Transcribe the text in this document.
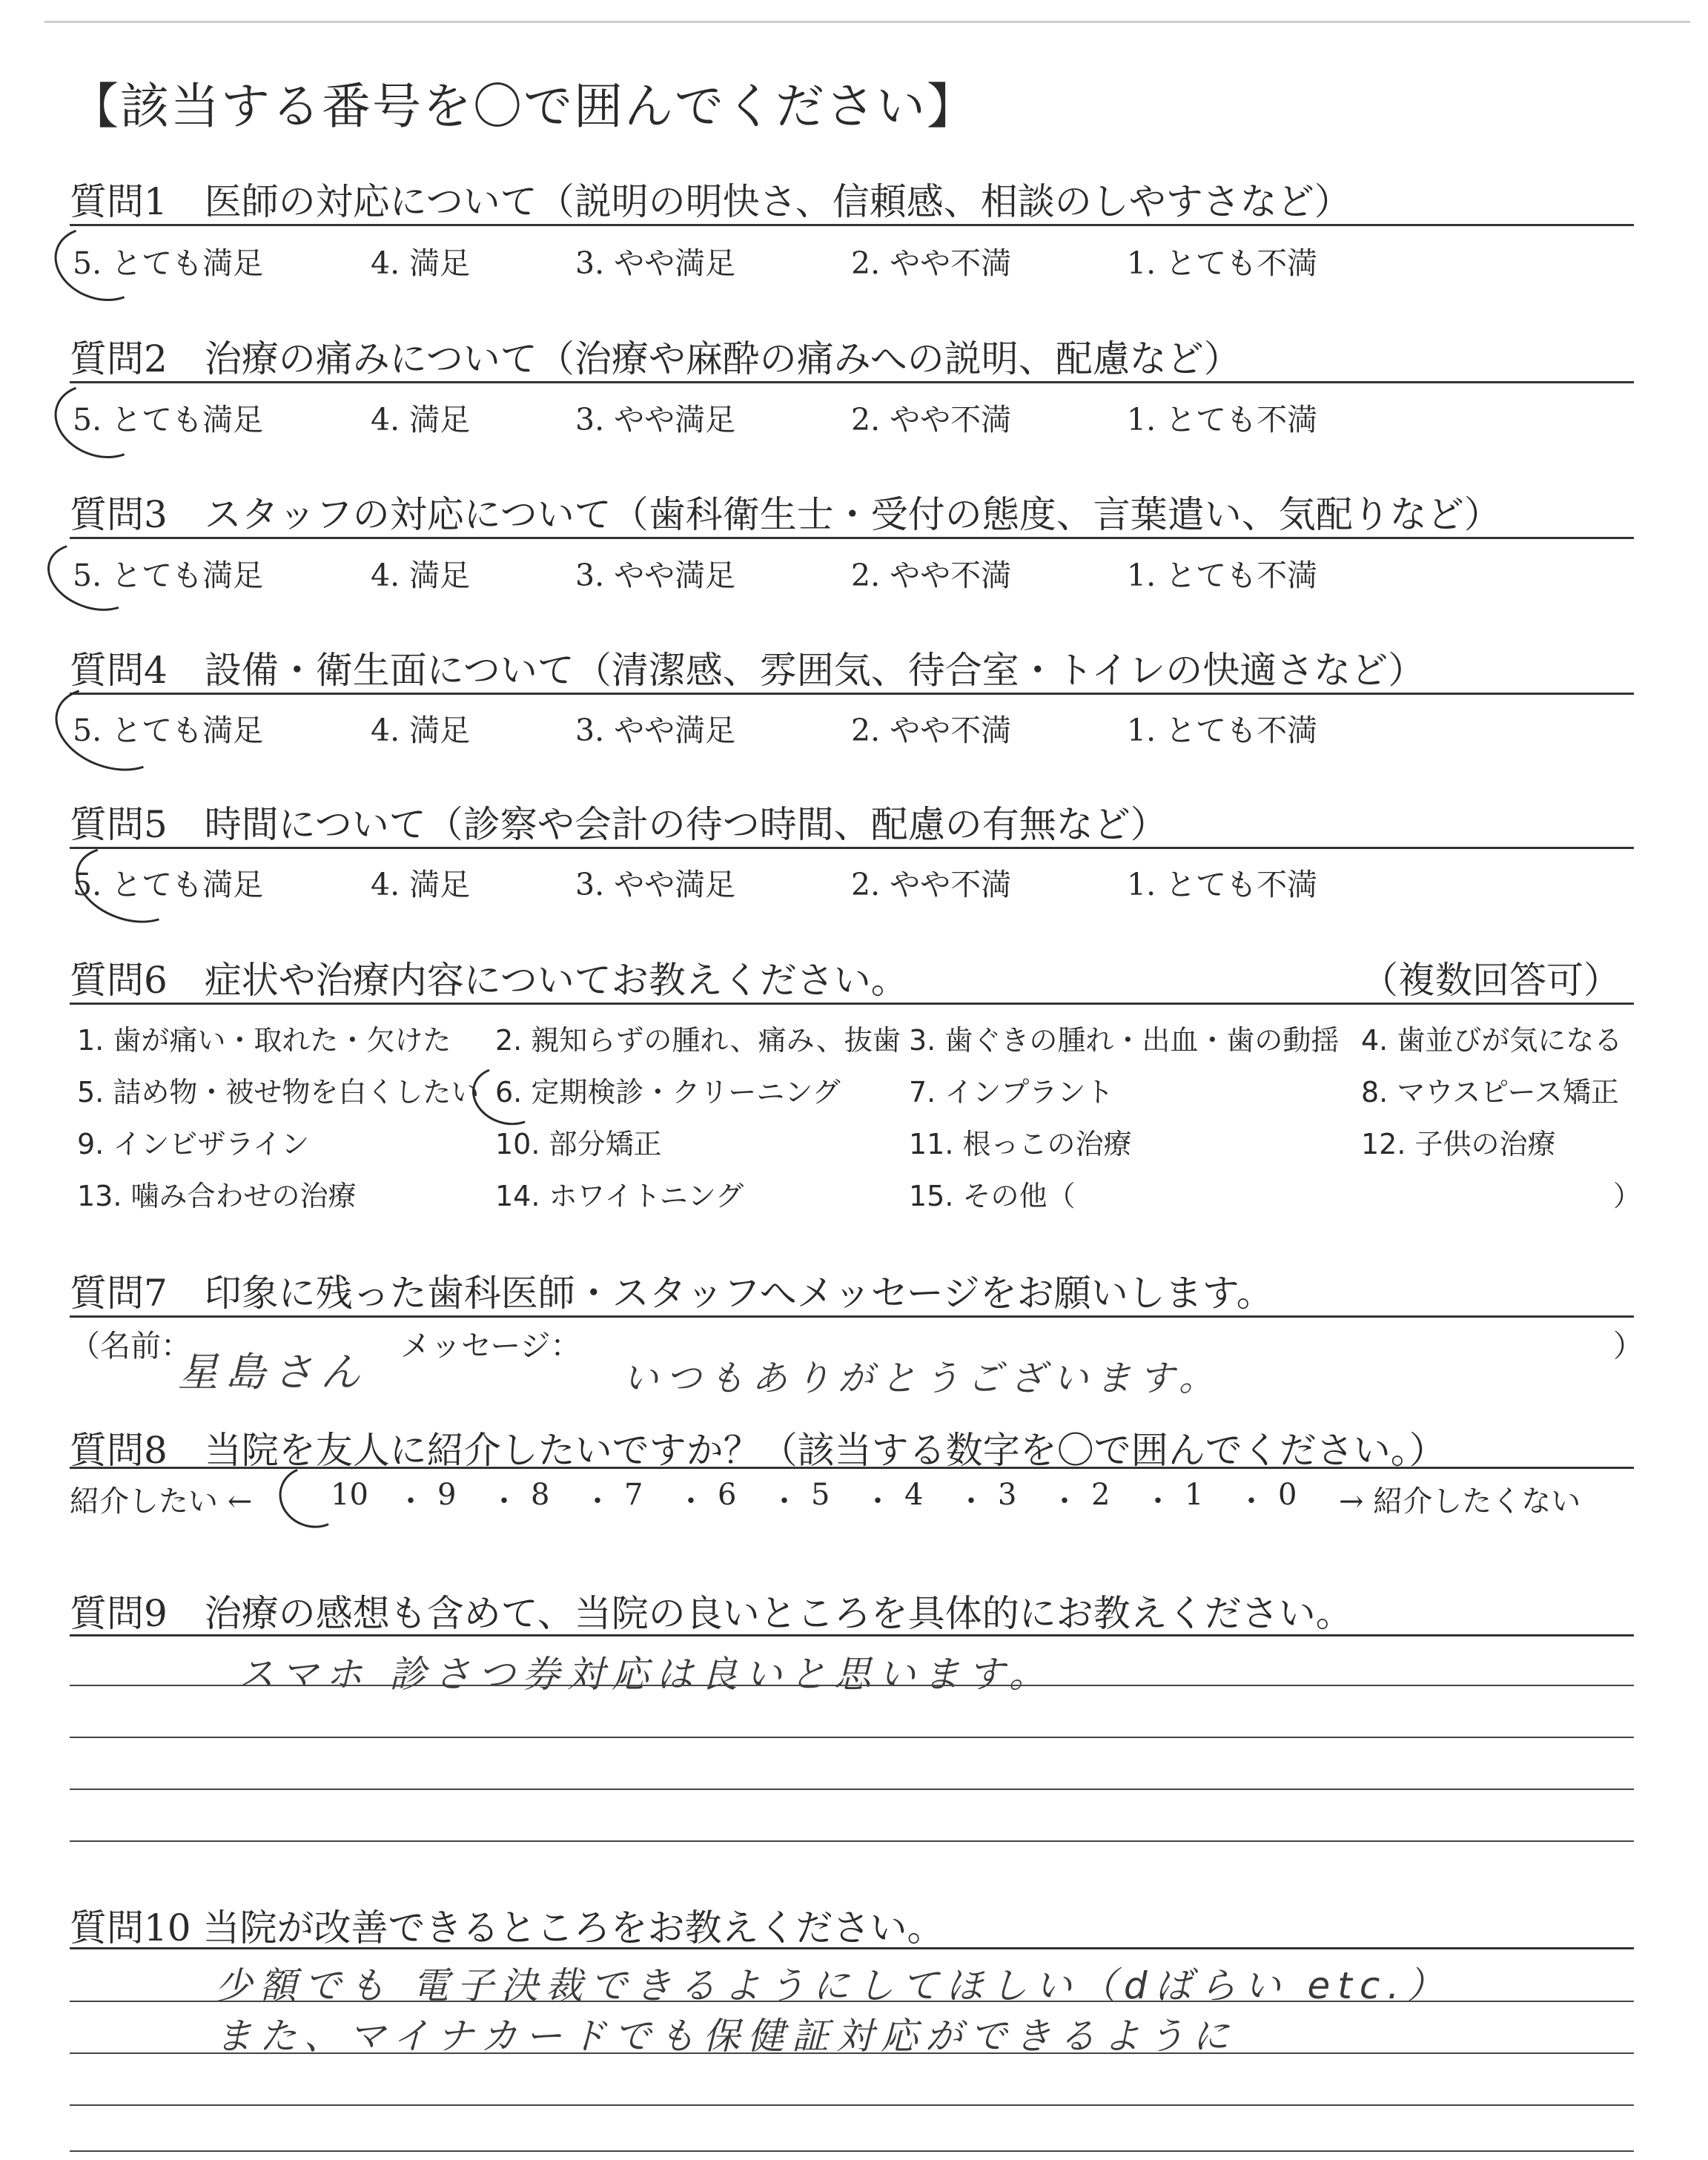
【該当する番号を〇で囲んでください】
質問1　医師の対応について（説明の明快さ、信頼感、相談のしやすさなど）
5. とても満足	4. 満足	3. やや満足	2. やや不満	1. とても不満
質問2　治療の痛みについて（治療や麻酔の痛みへの説明、配慮など）
5. とても満足	4. 満足	3. やや満足	2. やや不満	1. とても不満
質問3　スタッフの対応について（歯科衛生士・受付の態度、言葉遣い、気配りなど）
5. とても満足	4. 満足	3. やや満足	2. やや不満	1. とても不満
質問4　設備・衛生面について（清潔感、雰囲気、待合室・トイレの快適さなど）
5. とても満足	4. 満足	3. やや満足	2. やや不満	1. とても不満
質問5　時間について（診察や会計の待つ時間、配慮の有無など）
5. とても満足	4. 満足	3. やや満足	2. やや不満	1. とても不満
質問6　症状や治療内容についてお教えください。	（複数回答可）
1. 歯が痛い・取れた・欠けた 2. 親知らずの腫れ、痛み、抜歯 3. 歯ぐきの腫れ・出血・歯の動揺 4. 歯並びが気になる
5. 詰め物・被せ物を白くしたい 6. 定期検診・クリーニング 7. インプラント	8. マウスピース矯正
9. インビザライン	10. 部分矯正	11. 根っこの治療	12. 子供の治療
13. 噛み合わせの治療	14. ホワイトニング	15. その他（	）
質問7　印象に残った歯科医師・スタッフへメッセージをお願いします。
（名前：
星島さん
メッセージ：
いつもありがとうございます。
）
質問8　当院を友人に紹介したいですか？（該当する数字を〇で囲んでください。）
紹介したい ←	10 ・ 9 ・ 8 ・ 7 ・ 6 ・ 5 ・ 4 ・ 3 ・ 2 ・ 1 ・ 0 → 紹介したくない
質問9　治療の感想も含めて、当院の良いところを具体的にお教えください。
スマホ 診さつ券対応は良いと思います。
質問10 当院が改善できるところをお教えください。
少額でも 電子決裁できるようにしてほしい（dばらい etc.）
また、マイナカードでも保健証対応ができるように
